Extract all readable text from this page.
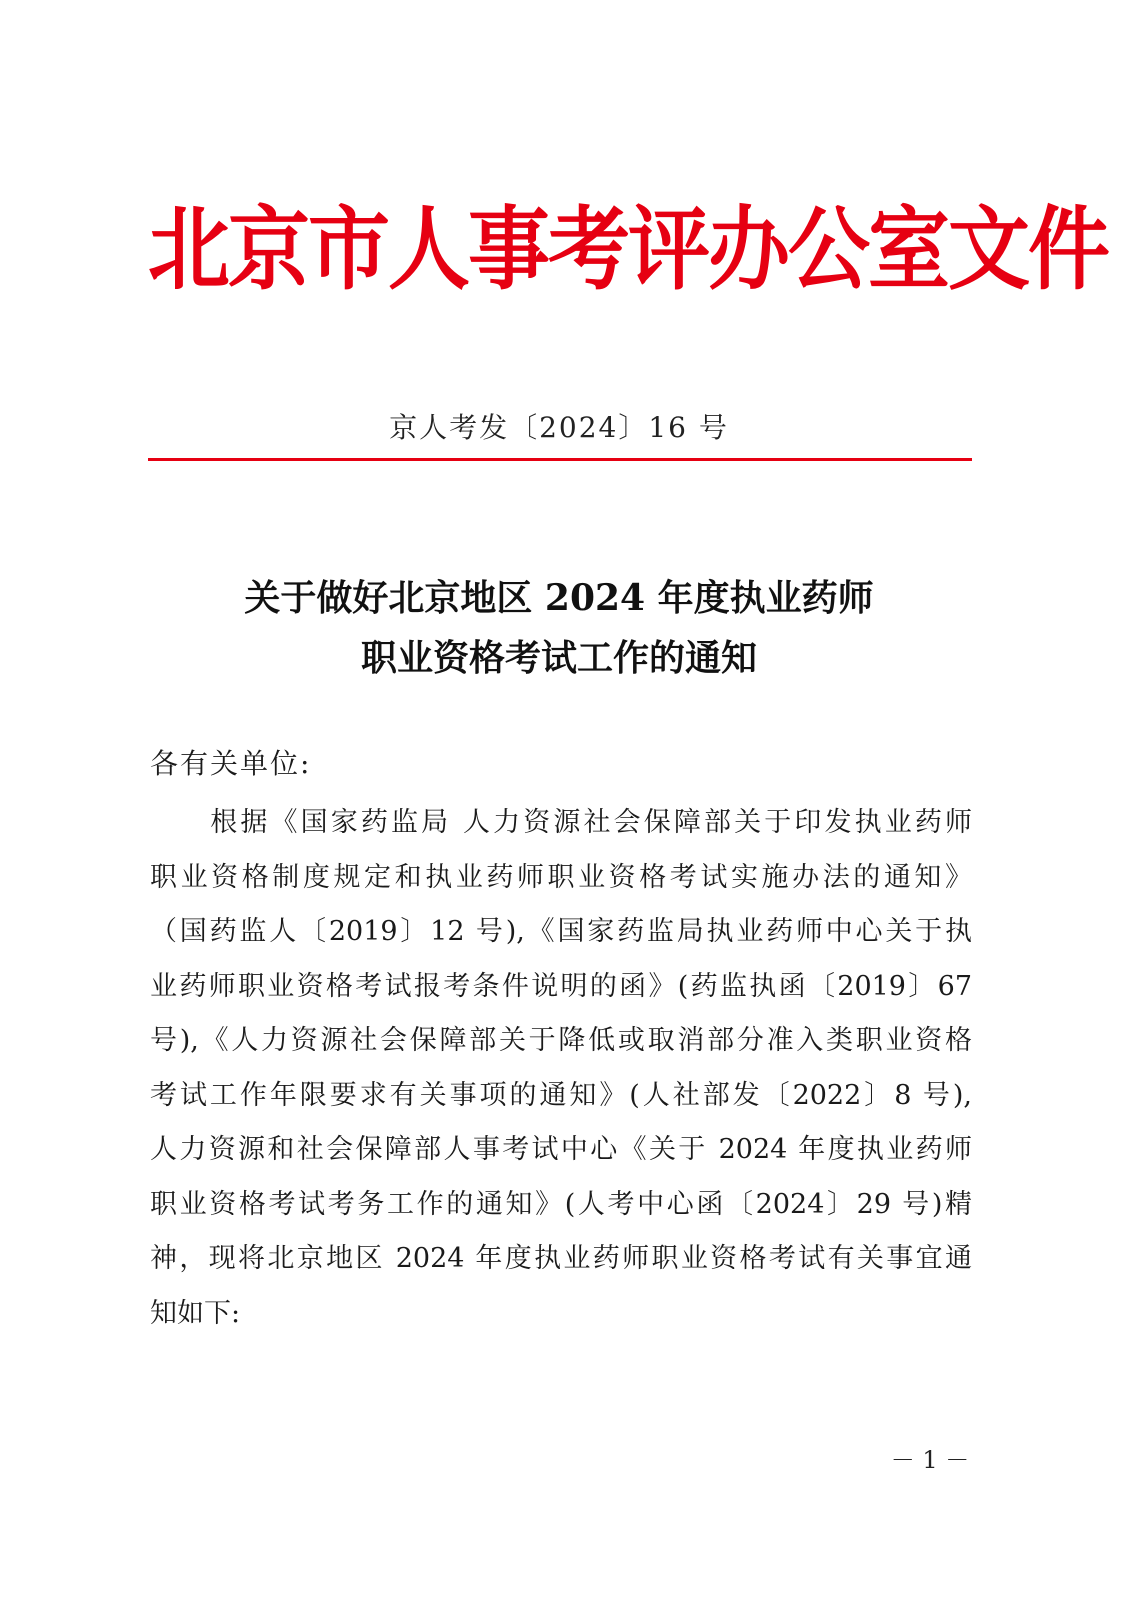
北京市人事考评办公室文件
京人考发〔2024〕16 号
关于做好北京地区 2024 年度执业药师
职业资格考试工作的通知
各有关单位:
　　根据《国家药监局 人力资源社会保障部关于印发执业药师
职业资格制度规定和执业药师职业资格考试实施办法的通知》
（国药监人〔2019〕12 号),《国家药监局执业药师中心关于执
业药师职业资格考试报考条件说明的函》(药监执函〔2019〕67
号),《人力资源社会保障部关于降低或取消部分准入类职业资格
考试工作年限要求有关事项的通知》(人社部发〔2022〕8 号),
人力资源和社会保障部人事考试中心《关于 2024 年度执业药师
职业资格考试考务工作的通知》(人考中心函〔2024〕29 号)精
神，现将北京地区 2024 年度执业药师职业资格考试有关事宜通
知如下:
－ 1 －
